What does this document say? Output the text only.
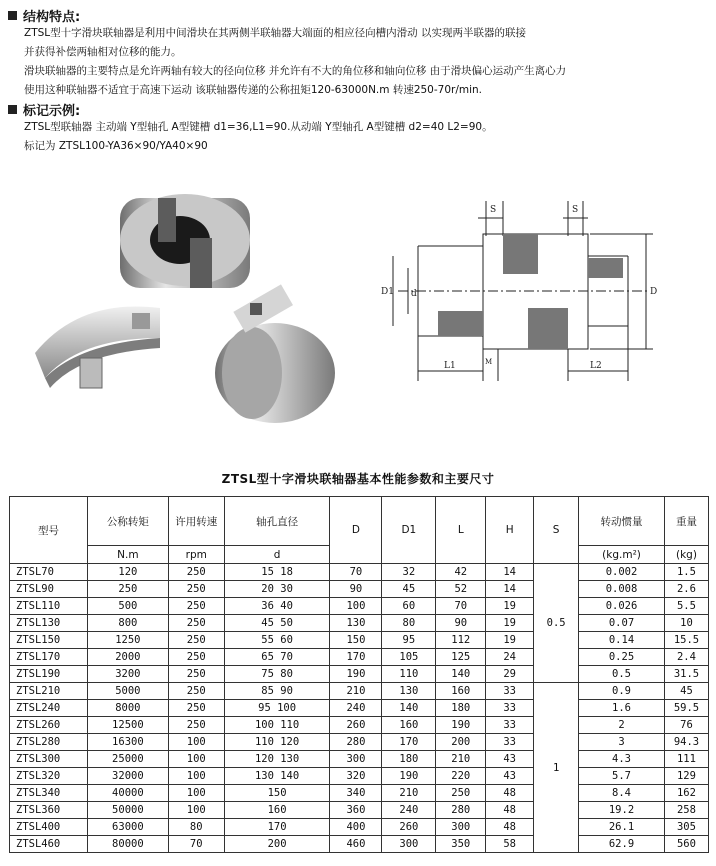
结构特点:
ZTSL型十字滑块联轴器是利用中间滑块在其两侧半联轴器大端面的相应径向槽内滑动 以实现两半联器的联接
并获得补偿两轴相对位移的能力。
滑块联轴器的主要特点是允许两轴有较大的径向位移 并允许有不大的角位移和轴向位移 由于滑块偏心运动产生离心力
使用这种联轴器不适宜于高速下运动 该联轴器传递的公称扭矩120-63000N.m 转速250-70r/min.
标记示例:
ZTSL型联轴器 主动端 Y型轴孔 A型键槽 d1=36,L1=90.从动端 Y型轴孔 A型键槽 d2=40 L2=90。
标记为 ZTSL100-YA36×90/YA40×90
S	S
D1 d	D
L1	L2
M
ZTSL型十字滑块联轴器基本性能参数和主要尺寸
型号	公称转矩	许用转速	轴孔直径	D	D1	L	H	S	转动惯量	重量
	N.m	rpm	d						(kg.m²)	(kg)
ZTSL70	120	250	15 18	70	32	42	14	0.5	0.002	1.5
ZTSL90	250	250	20 30	90	45	52	14		0.008	2.6
ZTSL110	500	250	36 40	100	60	70	19		0.026	5.5
ZTSL130	800	250	45 50	130	80	90	19		0.07	10
ZTSL150	1250	250	55 60	150	95	112	19		0.14	15.5
ZTSL170	2000	250	65 70	170	105	125	24		0.25	2.4
ZTSL190	3200	250	75 80	190	110	140	29		0.5	31.5
ZTSL210	5000	250	85 90	210	130	160	33	1	0.9	45
ZTSL240	8000	250	95 100	240	140	180	33		1.6	59.5
ZTSL260	12500	250	100 110	260	160	190	33		2	76
ZTSL280	16300	100	110 120	280	170	200	33		3	94.3
ZTSL300	25000	100	120 130	300	180	210	43		4.3	111
ZTSL320	32000	100	130 140	320	190	220	43		5.7	129
ZTSL340	40000	100	150	340	210	250	48		8.4	162
ZTSL360	50000	100	160	360	240	280	48		19.2	258
ZTSL400	63000	80	170	400	260	300	48		26.1	305
ZTSL460	80000	70	200	460	300	350	58		62.9	560
